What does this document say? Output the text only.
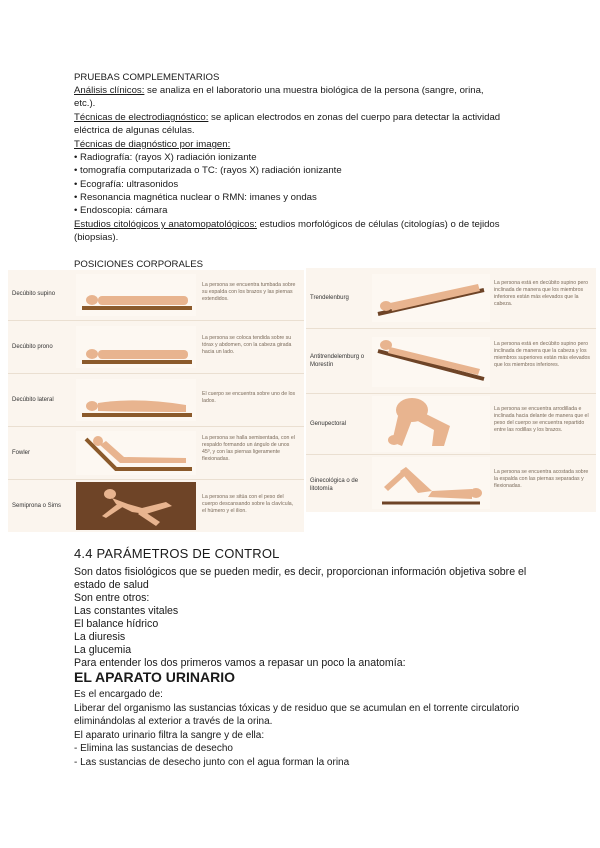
PRUEBAS COMPLEMENTARIOS
Análisis clínicos: se analiza en el laboratorio una muestra biológica de la persona (sangre, orina,
etc.).
Técnicas de electrodiagnóstico: se aplican electrodos en zonas del cuerpo para detectar la actividad
eléctrica de algunas células.
Técnicas de diagnóstico por imagen:
• Radiografía: (rayos X) radiación ionizante
• tomografía computarizada o TC: (rayos X) radiación ionizante
• Ecografía: ultrasonidos
• Resonancia magnética nuclear o RMN: imanes y ondas
• Endoscopia: cámara
Estudios citológicos y anatomopatológicos: estudios morfológicos de células (citologías) o de tejidos
(biopsias).
POSICIONES CORPORALES
Decúbito supino
La persona se encuentra tumbada sobre su espalda con los brazos y las piernas extendidos.
Decúbito prono
La persona se coloca tendida sobre su tórax y abdomen, con la cabeza girada hacia un lado.
Decúbito lateral
El cuerpo se encuentra sobre uno de los lados.
Fowler
La persona se halla semisentada, con el respaldo formando un ángulo de unos 45º, y con las piernas ligeramente flexionadas.
Semiprona o Sims
La persona se sitúa con el peso del cuerpo descansando sobre la clavícula, el húmero y el ilion.
Trendelenburg
La persona está en decúbito supino pero inclinada de manera que los miembros inferiores están más elevados que la cabeza.
Antitrendelemburg o Morestín
La persona está en decúbito supino pero inclinada de manera que la cabeza y los miembros superiores están más elevados que los miembros inferiores.
Genupectoral
La persona se encuentra arrodillada e inclinada hacia delante de manera que el peso del cuerpo se encuentra repartido entre las rodillas y los brazos.
Ginecológica o de litotomía
La persona se encuentra acostada sobre la espalda con las piernas separadas y flexionadas.
4.4 PARÁMETROS DE CONTROL
Son datos fisiológicos que se pueden medir, es decir, proporcionan información objetiva sobre el
estado de salud
Son entre otros:
Las constantes vitales
El balance hídrico
La diuresis
La glucemia
Para entender los dos primeros vamos a repasar un poco la anatomía:
EL APARATO URINARIO
Es el encargado de:
Liberar del organismo las sustancias tóxicas y de residuo que se acumulan en el torrente circulatorio
eliminándolas al exterior a través de la orina.
El aparato urinario filtra la sangre y de ella:
- Elimina las sustancias de desecho
- Las sustancias de desecho junto con el agua forman la orina
